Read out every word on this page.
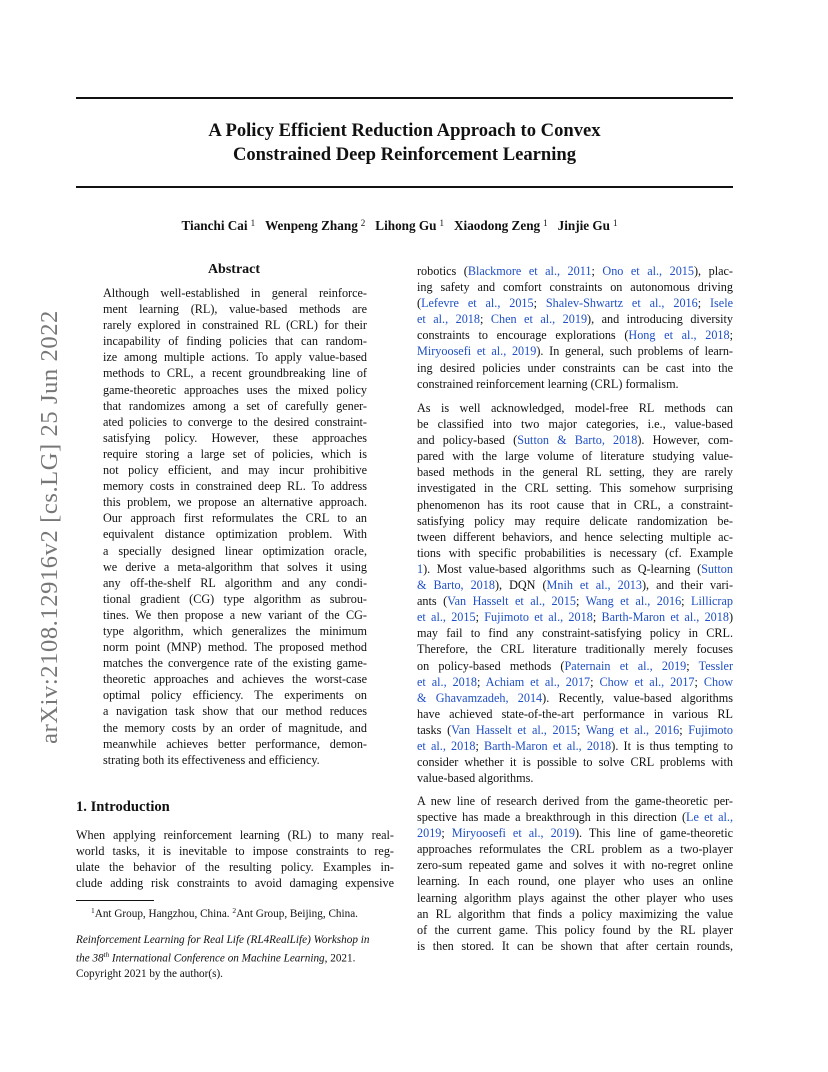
A Policy Efficient Reduction Approach to Convex
Constrained Deep Reinforcement Learning
Tianchi Cai $^1$ Wenpeng Zhang $^2$ Lihong Gu $^1$ Xiaodong Zeng $^1$ Jinjie Gu $^1$
arXiv:2108.12916v2 [cs.LG] 25 Jun 2022
Abstract
Although well-established in general reinforce-
ment learning (RL), value-based methods are
rarely explored in constrained RL (CRL) for their
incapability of finding policies that can random-
ize among multiple actions. To apply value-based
methods to CRL, a recent groundbreaking line of
game-theoretic approaches uses the mixed policy
that randomizes among a set of carefully gener-
ated policies to converge to the desired constraint-
satisfying policy. However, these approaches
require storing a large set of policies, which is
not policy efficient, and may incur prohibitive
memory costs in constrained deep RL. To address
this problem, we propose an alternative approach.
Our approach first reformulates the CRL to an
equivalent distance optimization problem. With
a specially designed linear optimization oracle,
we derive a meta-algorithm that solves it using
any off-the-shelf RL algorithm and any condi-
tional gradient (CG) type algorithm as subrou-
tines. We then propose a new variant of the CG-
type algorithm, which generalizes the minimum
norm point (MNP) method. The proposed method
matches the convergence rate of the existing game-
theoretic approaches and achieves the worst-case
optimal policy efficiency. The experiments on
a navigation task show that our method reduces
the memory costs by an order of magnitude, and
meanwhile achieves better performance, demon-
strating both its effectiveness and efficiency.
1. Introduction
When applying reinforcement learning (RL) to many real-
world tasks, it is inevitable to impose constraints to reg-
ulate the behavior of the resulting policy. Examples in-
clude adding risk constraints to avoid damaging expensive
$^1$Ant Group, Hangzhou, China. $^2$Ant Group, Beijing, China.
Reinforcement Learning for Real Life (RL4RealLife) Workshop in
the 38th International Conference on Machine Learning, 2021.
Copyright 2021 by the author(s).
robotics (Blackmore et al., 2011; Ono et al., 2015), plac-
ing safety and comfort constraints on autonomous driving
(Lefevre et al., 2015; Shalev-Shwartz et al., 2016; Isele
et al., 2018; Chen et al., 2019), and introducing diversity
constraints to encourage explorations (Hong et al., 2018;
Miryoosefi et al., 2019). In general, such problems of learn-
ing desired policies under constraints can be cast into the
constrained reinforcement learning (CRL) formalism.
As is well acknowledged, model-free RL methods can
be classified into two major categories, i.e., value-based
and policy-based (Sutton & Barto, 2018). However, com-
pared with the large volume of literature studying value-
based methods in the general RL setting, they are rarely
investigated in the CRL setting. This somehow surprising
phenomenon has its root cause that in CRL, a constraint-
satisfying policy may require delicate randomization be-
tween different behaviors, and hence selecting multiple ac-
tions with specific probabilities is necessary (cf. Example
1). Most value-based algorithms such as Q-learning (Sutton
& Barto, 2018), DQN (Mnih et al., 2013), and their vari-
ants (Van Hasselt et al., 2015; Wang et al., 2016; Lillicrap
et al., 2015; Fujimoto et al., 2018; Barth-Maron et al., 2018)
may fail to find any constraint-satisfying policy in CRL.
Therefore, the CRL literature traditionally merely focuses
on policy-based methods (Paternain et al., 2019; Tessler
et al., 2018; Achiam et al., 2017; Chow et al., 2017; Chow
& Ghavamzadeh, 2014). Recently, value-based algorithms
have achieved state-of-the-art performance in various RL
tasks (Van Hasselt et al., 2015; Wang et al., 2016; Fujimoto
et al., 2018; Barth-Maron et al., 2018). It is thus tempting to
consider whether it is possible to solve CRL problems with
value-based algorithms.
A new line of research derived from the game-theoretic per-
spective has made a breakthrough in this direction (Le et al.,
2019; Miryoosefi et al., 2019). This line of game-theoretic
approaches reformulates the CRL problem as a two-player
zero-sum repeated game and solves it with no-regret online
learning. In each round, one player who uses an online
learning algorithm plays against the other player who uses
an RL algorithm that finds a policy maximizing the value
of the current game. This policy found by the RL player
is then stored. It can be shown that after certain rounds,
